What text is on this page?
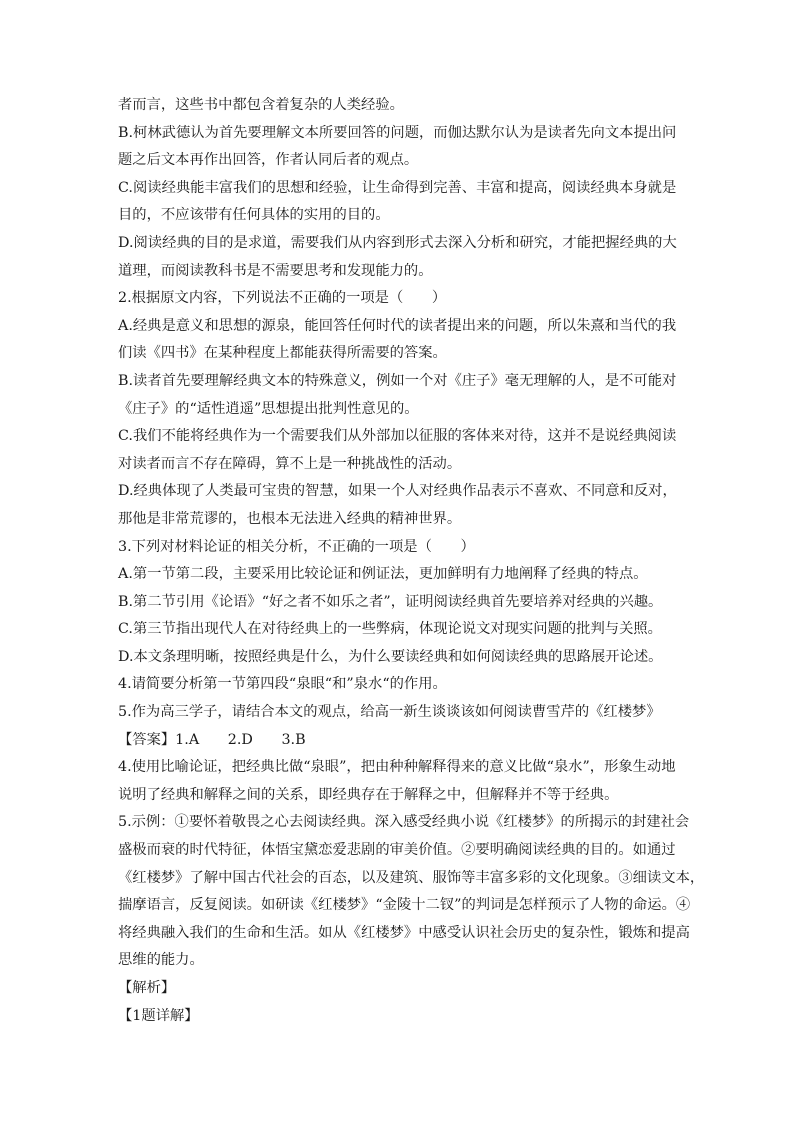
者而言，这些书中都包含着复杂的人类经验。
B.柯林武德认为首先要理解文本所要回答的问题，而伽达默尔认为是读者先向文本提出问
题之后文本再作出回答，作者认同后者的观点。
C.阅读经典能丰富我们的思想和经验，让生命得到完善、丰富和提高，阅读经典本身就是
目的，不应该带有任何具体的实用的目的。
D.阅读经典的目的是求道，需要我们从内容到形式去深入分析和研究，才能把握经典的大
道理，而阅读教科书是不需要思考和发现能力的。
2.根据原文内容，下列说法不正确的一项是（　　）
A.经典是意义和思想的源泉，能回答任何时代的读者提出来的问题，所以朱熹和当代的我
们读《四书》在某种程度上都能获得所需要的答案。
B.读者首先要理解经典文本的特殊意义，例如一个对《庄子》毫无理解的人，是不可能对
《庄子》的“适性逍遥”思想提出批判性意见的。
C.我们不能将经典作为一个需要我们从外部加以征服的客体来对待，这并不是说经典阅读
对读者而言不存在障碍，算不上是一种挑战性的活动。
D.经典体现了人类最可宝贵的智慧，如果一个人对经典作品表示不喜欢、不同意和反对，
那他是非常荒谬的，也根本无法进入经典的精神世界。
3.下列对材料论证的相关分析，不正确的一项是（　　）
A.第一节第二段，主要采用比较论证和例证法，更加鲜明有力地阐释了经典的特点。
B.第二节引用《论语》“好之者不如乐之者”，证明阅读经典首先要培养对经典的兴趣。
C.第三节指出现代人在对待经典上的一些弊病，体现论说文对现实问题的批判与关照。
D.本文条理明晰，按照经典是什么，为什么要读经典和如何阅读经典的思路展开论述。
4.请简要分析第一节第四段“泉眼“和”泉水“的作用。
5.作为高三学子，请结合本文的观点，给高一新生谈谈该如何阅读曹雪芹的《红楼梦》
【答案】1.A　　2.D　　3.B
4.使用比喻论证，把经典比做“泉眼”，把由种种解释得来的意义比做“泉水”，形象生动地
说明了经典和解释之间的关系，即经典存在于解释之中，但解释并不等于经典。
5.示例：①要怀着敬畏之心去阅读经典。深入感受经典小说《红楼梦》的所揭示的封建社会
盛极而衰的时代特征，体悟宝黛恋爱悲剧的审美价值。②要明确阅读经典的目的。如通过
《红楼梦》了解中国古代社会的百态，以及建筑、服饰等丰富多彩的文化现象。③细读文本，
揣摩语言，反复阅读。如研读《红楼梦》“金陵十二钗”的判词是怎样预示了人物的命运。④
将经典融入我们的生命和生活。如从《红楼梦》中感受认识社会历史的复杂性，锻炼和提高
思维的能力。
【解析】
【1题详解】
